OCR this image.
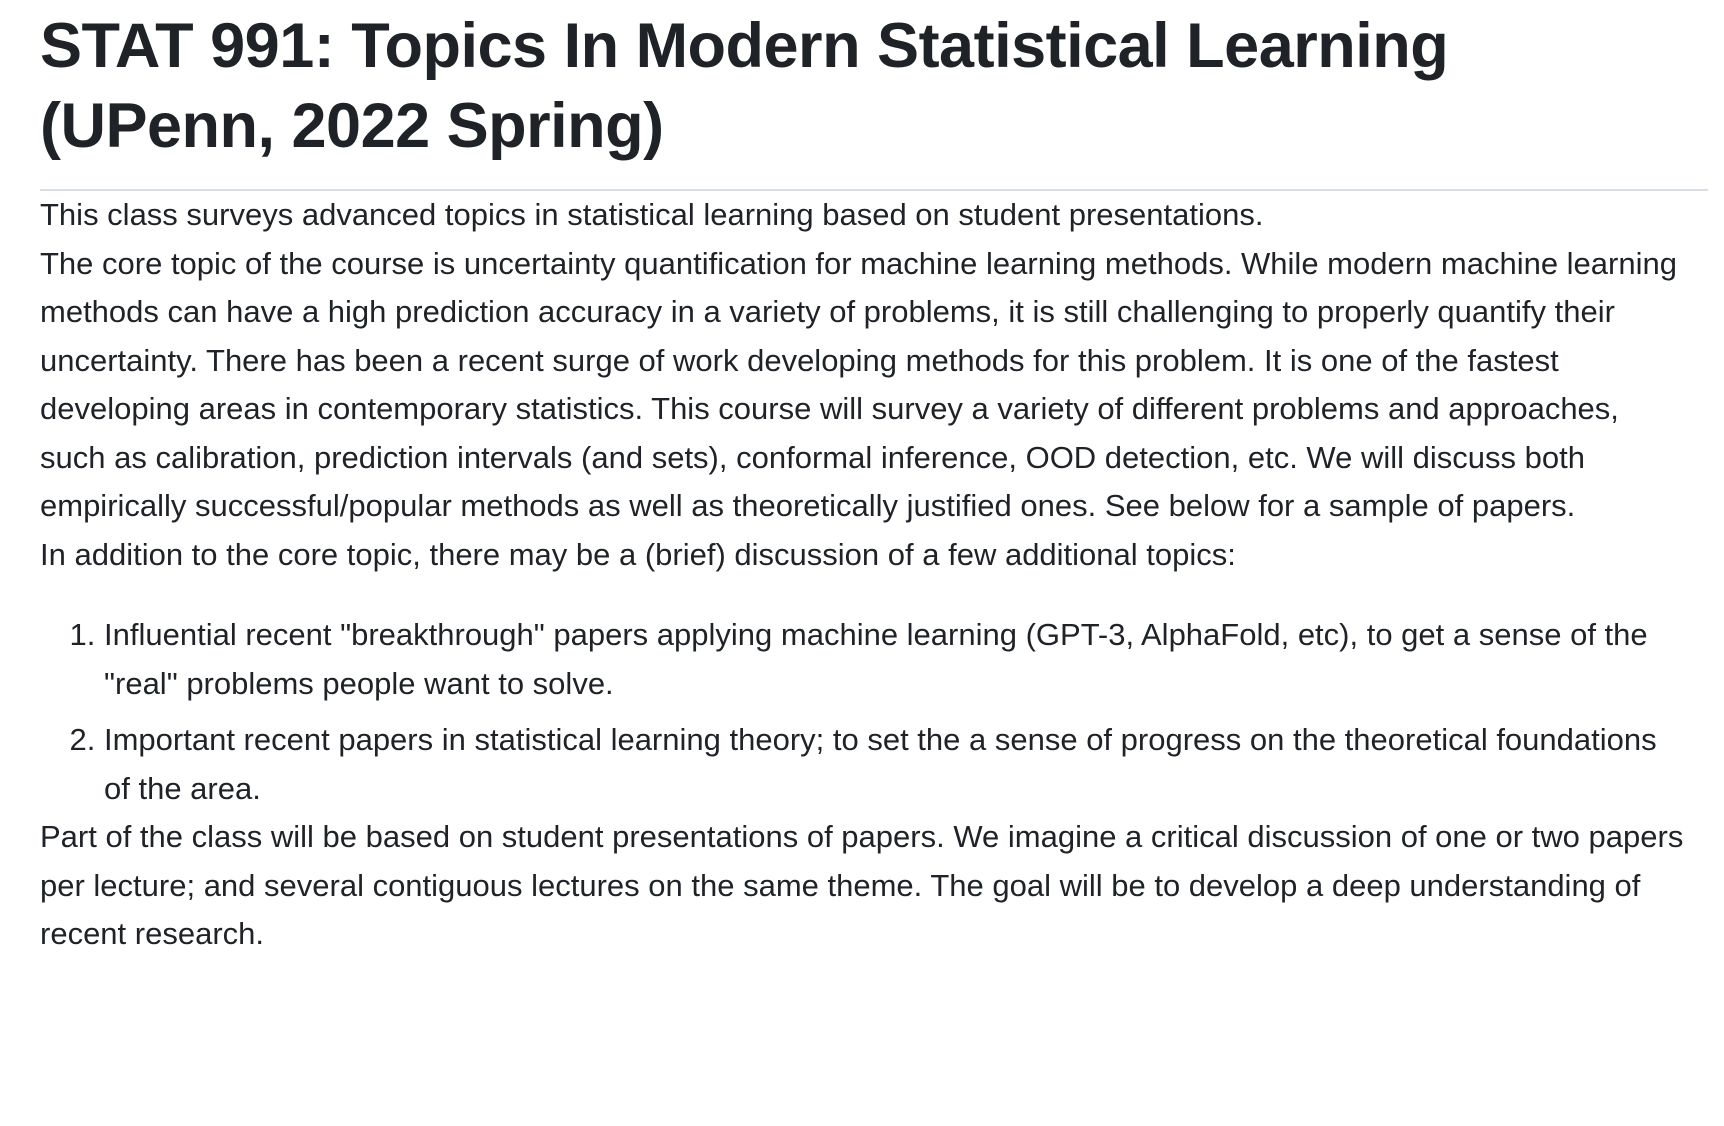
STAT 991: Topics In Modern Statistical Learning (UPenn, 2022 Spring)

This class surveys advanced topics in statistical learning based on student presentations.

The core topic of the course is uncertainty quantification for machine learning methods. While modern machine learning methods can have a high prediction accuracy in a variety of problems, it is still challenging to properly quantify their uncertainty. There has been a recent surge of work developing methods for this problem. It is one of the fastest developing areas in contemporary statistics. This course will survey a variety of different problems and approaches, such as calibration, prediction intervals (and sets), conformal inference, OOD detection, etc. We will discuss both empirically successful/popular methods as well as theoretically justified ones. See below for a sample of papers.

In addition to the core topic, there may be a (brief) discussion of a few additional topics:

1. Influential recent "breakthrough" papers applying machine learning (GPT-3, AlphaFold, etc), to get a sense of the "real" problems people want to solve.
2. Important recent papers in statistical learning theory; to set the a sense of progress on the theoretical foundations of the area.

Part of the class will be based on student presentations of papers. We imagine a critical discussion of one or two papers per lecture; and several contiguous lectures on the same theme. The goal will be to develop a deep understanding of recent research.
